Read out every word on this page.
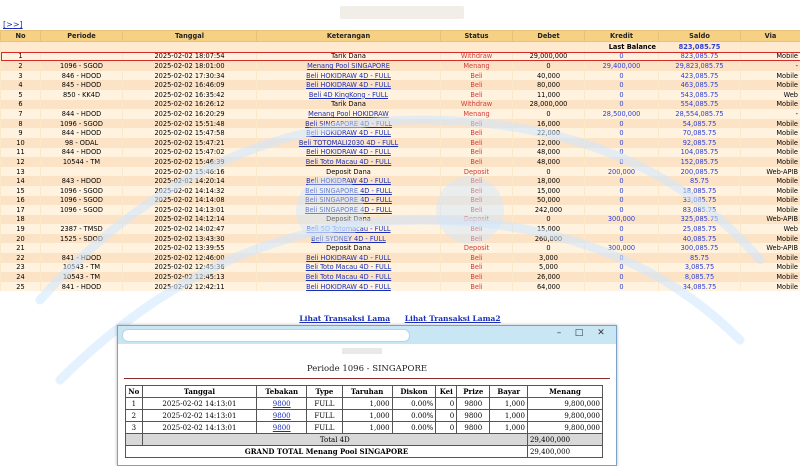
[>>]
No	Periode	Tanggal	Keterangan	Status	Debet	Kredit	Saldo	Via
						Last Balance	823,085.75	
1		2025-02-02 18:07:54	Tarik Dana	Withdraw	29,000,000	0	823,085.75	Mobile
2	1096 - SGOD	2025-02-02 18:01:00	Menang Pool SINGAPORE	Menang	0	29,400,000	29,823,085.75	-
3	846 - HDOD	2025-02-02 17:30:34	Beli HOKIDRAW 4D - FULL	Beli	40,000	0	423,085.75	Mobile
4	845 - HDOD	2025-02-02 16:46:09	Beli HOKIDRAW 4D - FULL	Beli	80,000	0	463,085.75	Mobile
5	850 - KK4D	2025-02-02 16:35:42	Beli 4D KingKong - FULL	Beli	11,000	0	543,085.75	Web
6		2025-02-02 16:26:12	Tarik Dana	Withdraw	28,000,000	0	554,085.75	Mobile
7	844 - HDOD	2025-02-02 16:20:29	Menang Pool HOKIDRAW	Menang	0	28,500,000	28,554,085.75	-
8	1096 - SGOD	2025-02-02 15:51:48	Beli SINGAPORE 4D - FULL	Beli	16,000	0	54,085.75	Mobile
9	844 - HDOD	2025-02-02 15:47:58	Beli HOKIDRAW 4D - FULL	Beli	22,000	0	70,085.75	Mobile
10	98 - ODAL	2025-02-02 15:47:21	Beli TOTOMALI2030 4D - FULL	Beli	12,000	0	92,085.75	Mobile
11	844 - HDOD	2025-02-02 15:47:02	Beli HOKIDRAW 4D - FULL	Beli	48,000	0	104,085.75	Mobile
12	10544 - TM	2025-02-02 15:46:39	Beli Toto Macau 4D - FULL	Beli	48,000	0	152,085.75	Mobile
13		2025-02-02 15:46:16	Deposit Dana	Deposit	0	200,000	200,085.75	Web-APIB
14	843 - HDOD	2025-02-02 14:20:14	Beli HOKIDRAW 4D - FULL	Beli	18,000	0	85.75	Mobile
15	1096 - SGOD	2025-02-02 14:14:32	Beli SINGAPORE 4D - FULL	Beli	15,000	0	18,085.75	Mobile
16	1096 - SGOD	2025-02-02 14:14:08	Beli SINGAPORE 4D - FULL	Beli	50,000	0	33,085.75	Mobile
17	1096 - SGOD	2025-02-02 14:13:01	Beli SINGAPORE 4D - FULL	Beli	242,000	0	83,085.75	Mobile
18		2025-02-02 14:12:14	Deposit Dana	Deposit	0	300,000	325,085.75	Web-APIB
19	2387 - TMSD	2025-02-02 14:02:47	Beli 5D Totomacau - FULL	Beli	15,000	0	25,085.75	Web
20	1525 - SDOD	2025-02-02 13:43:30	Beli SYDNEY 4D - FULL	Beli	260,000	0	40,085.75	Mobile
21		2025-02-02 13:39:55	Deposit Dana	Deposit	0	300,000	300,085.75	Web-APIB
22	841 - HDOD	2025-02-02 12:46:00	Beli HOKIDRAW 4D - FULL	Beli	3,000	0	85.75	Mobile
23	10543 - TM	2025-02-02 12:45:36	Beli Toto Macau 4D - FULL	Beli	5,000	0	3,085.75	Mobile
24	10543 - TM	2025-02-02 12:45:13	Beli Toto Macau 4D - FULL	Beli	26,000	0	8,085.75	Mobile
25	841 - HDOD	2025-02-02 12:42:11	Beli HOKIDRAW 4D - FULL	Beli	64,000	0	34,085.75	Mobile
Lihat Transaksi Lama Lihat Transaksi Lama2
–	□	✕
Periode 1096 - SINGAPORE
No	Tanggal	Tebakan	Type	Taruhan	Diskon	Kei	Prize	Bayar	Menang
1	2025-02-02 14:13:01	9800	FULL	1,000	0.00%	0	9800	1,000	9,800,000
2	2025-02-02 14:13:01	9800	FULL	1,000	0.00%	0	9800	1,000	9,800,000
3	2025-02-02 14:13:01	9800	FULL	1,000	0.00%	0	9800	1,000	9,800,000
	Total 4D								29,400,000
GRAND TOTAL Menang Pool SINGAPORE									29,400,000
